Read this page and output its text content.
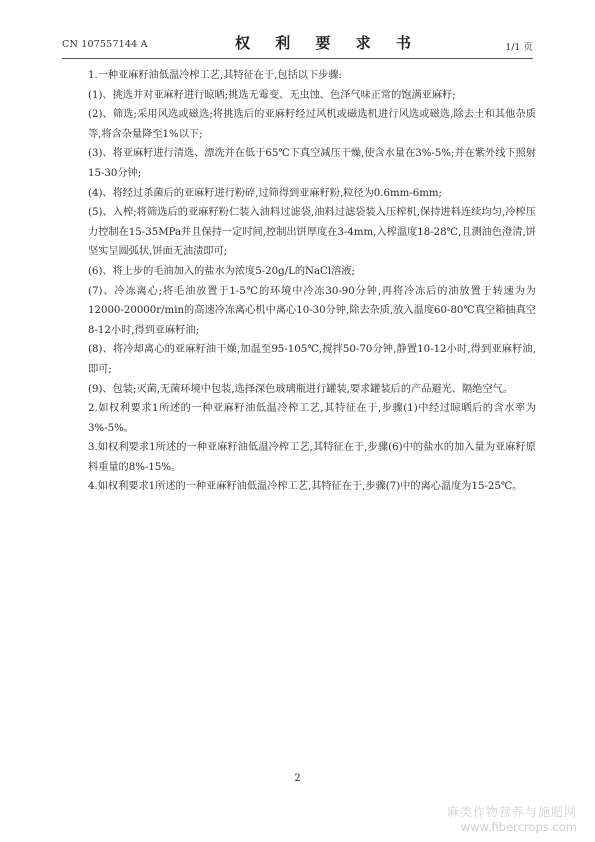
CN 107557144 A	权 利 要 求 书	1/1 页

1.一种亚麻籽油低温冷榨工艺,其特征在于,包括以下步骤:

(1)、挑选并对亚麻籽进行晾晒;挑选无霉变、无虫蚀、色泽气味正常的饱满亚麻籽;

(2)、筛选;采用风选或磁选;将挑选后的亚麻籽经过风机或磁选机进行风选或磁选,除去土和其他杂质等,将含杂量降至1%以下;

(3)、将亚麻籽进行清选、漂洗并在低于65℃下真空减压干燥,使含水量在3%-5%;并在紫外线下照射15-30分钟;

(4)、将经过杀菌后的亚麻籽进行粉碎,过筛得到亚麻籽粉,粒径为0.6mm-6mm;

(5)、入榨;将筛选后的亚麻籽粉仁装入油料过滤袋,油料过滤袋装入压榨机,保持进料连续均匀,冷榨压力控制在15-35MPa并且保持一定时间,控制出饼厚度在3-4mm,入榨温度18-28℃,且测油色澄清,饼坚实呈圆弧状,饼面无油渍即可;

(6)、将上步的毛油加入的盐水为浓度5-20g/L的NaCl溶液;

(7)、冷冻离心;将毛油放置于1-5℃的环境中冷冻30-90分钟,再将冷冻后的油放置于转速为为12000-20000r/min的高速冷冻离心机中离心10-30分钟,除去杂质,放入温度60-80℃真空箱抽真空8-12小时,得到亚麻籽油;

(8)、将冷却离心的亚麻籽油干燥,加温至95-105℃,搅拌50-70分钟,静置10-12小时,得到亚麻籽油,即可;

(9)、包装;灭菌,无菌环境中包装,选择深色玻璃瓶进行罐装,要求罐装后的产品避光、隔绝空气。

2.如权利要求1所述的一种亚麻籽油低温冷榨工艺,其特征在于,步骤(1)中经过晾晒后的含水率为3%-5%。

3.如权利要求1所述的一种亚麻籽油低温冷榨工艺,其特征在于,步骤(6)中的盐水的加入量为亚麻籽原料重量的8%-15%。

4.如权利要求1所述的一种亚麻籽油低温冷榨工艺,其特征在于,步骤(7)中的离心温度为15-25℃。

2
麻类作物营养与施肥网
www.fibercrops.com
